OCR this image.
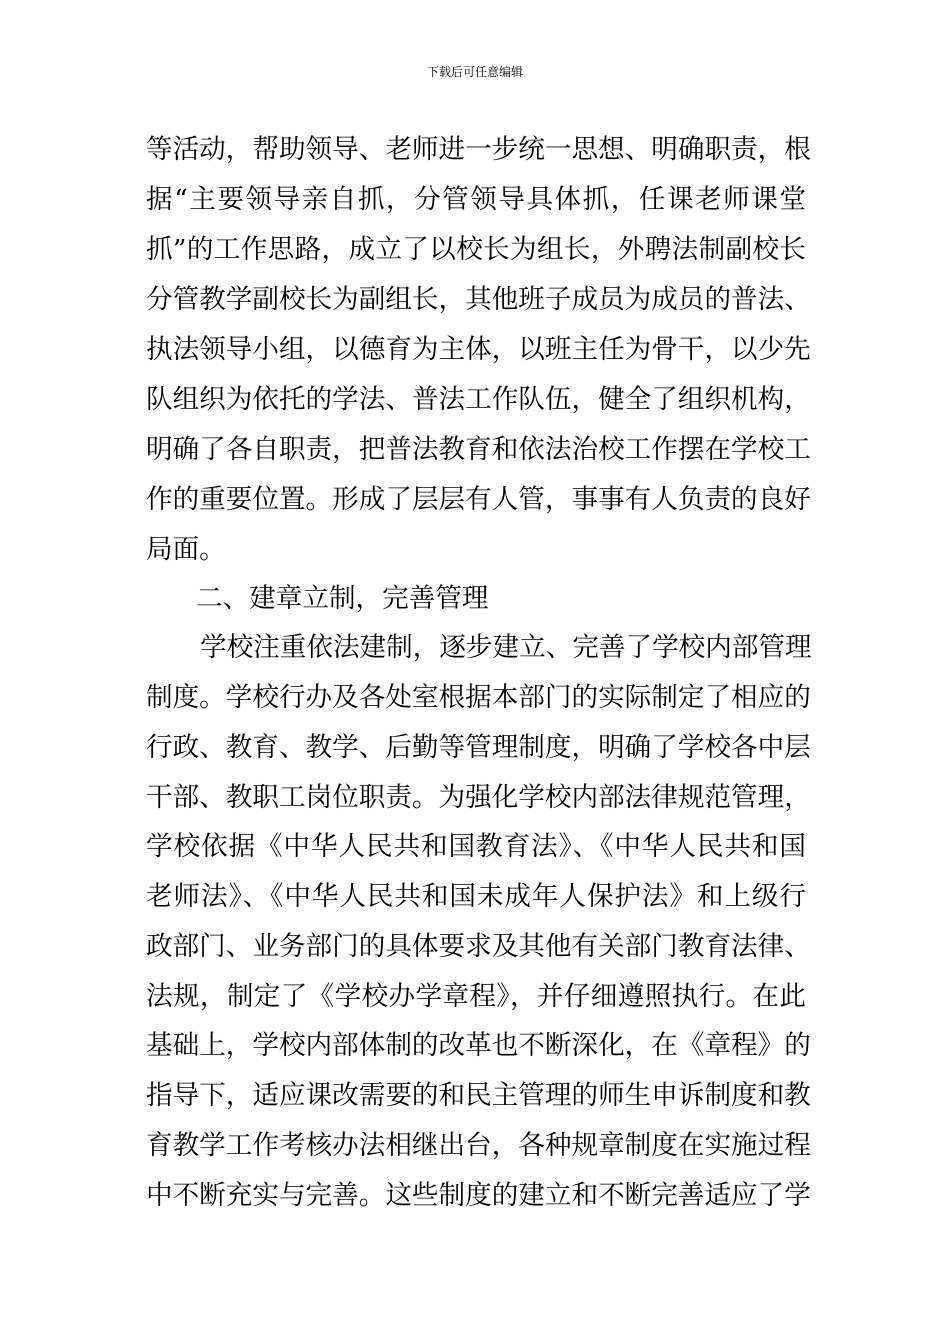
下载后可任意编辑
等活动，帮助领导、老师进一步统一思想、明确职责，根
据“主要领导亲自抓，分管领导具体抓，任课老师课堂
抓”的工作思路，成立了以校长为组长，外聘法制副校长
分管教学副校长为副组长，其他班子成员为成员的普法、
执法领导小组，以德育为主体，以班主任为骨干，以少先
队组织为依托的学法、普法工作队伍，健全了组织机构，
明确了各自职责，把普法教育和依法治校工作摆在学校工
作的重要位置。形成了层层有人管，事事有人负责的良好
局面。
二、建章立制，完善管理
学校注重依法建制，逐步建立、完善了学校内部管理
制度。学校行办及各处室根据本部门的实际制定了相应的
行政、教育、教学、后勤等管理制度，明确了学校各中层
干部、教职工岗位职责。为强化学校内部法律规范管理，
学校依据《中华人民共和国教育法》、《中华人民共和国
老师法》、《中华人民共和国未成年人保护法》和上级行
政部门、业务部门的具体要求及其他有关部门教育法律、
法规，制定了《学校办学章程》，并仔细遵照执行。在此
基础上，学校内部体制的改革也不断深化，在《章程》的
指导下，适应课改需要的和民主管理的师生申诉制度和教
育教学工作考核办法相继出台，各种规章制度在实施过程
中不断充实与完善。这些制度的建立和不断完善适应了学
